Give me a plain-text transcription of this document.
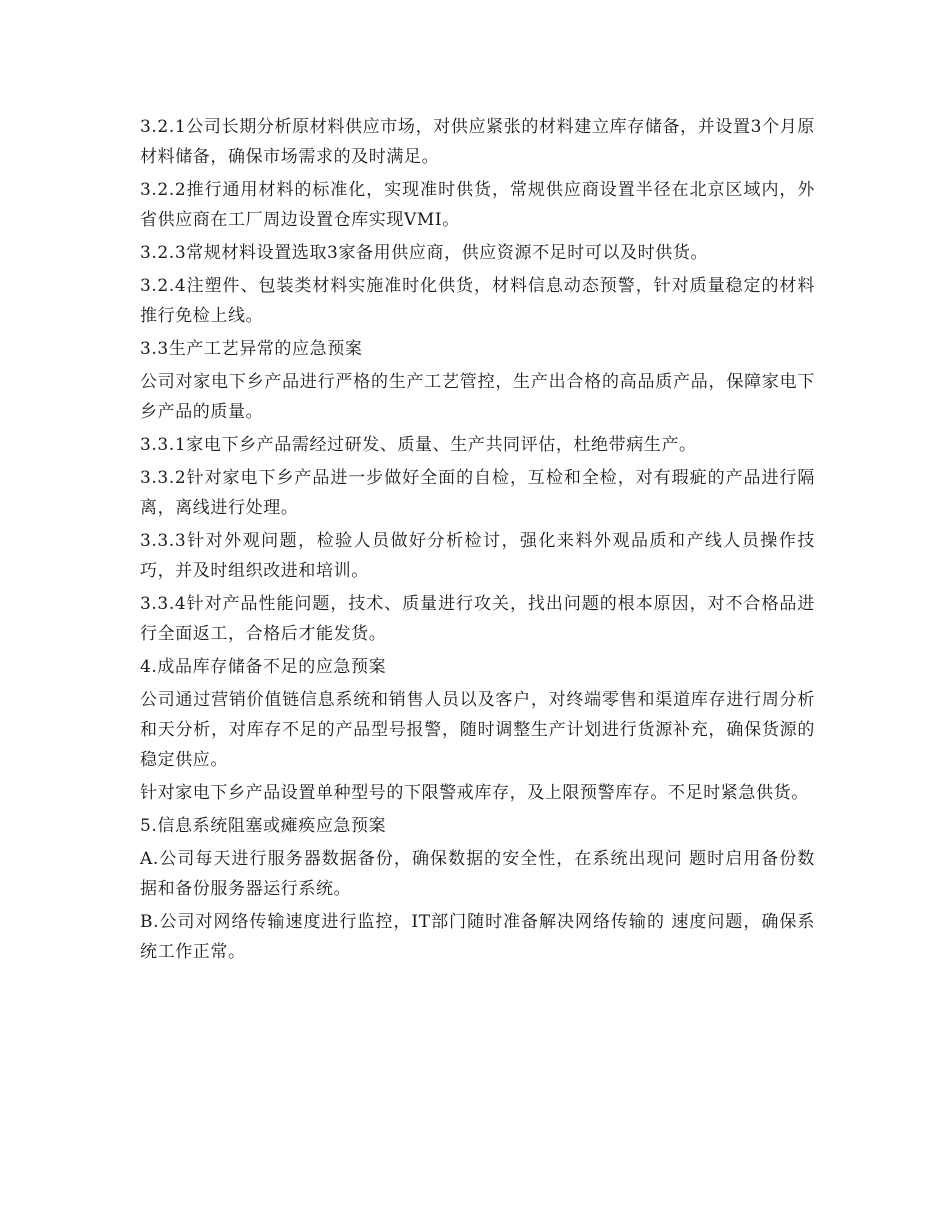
3.2.1公司长期分析原材料供应市场，对供应紧张的材料建立库存储备，并设置3个月原材料储备，确保市场需求的及时满足。

3.2.2推行通用材料的标准化，实现准时供货，常规供应商设置半径在北京区域内，外省供应商在工厂周边设置仓库实现VMI。

3.2.3常规材料设置选取3家备用供应商，供应资源不足时可以及时供货。

3.2.4注塑件、包装类材料实施准时化供货，材料信息动态预警，针对质量稳定的材料推行免检上线。

3.3生产工艺异常的应急预案

公司对家电下乡产品进行严格的生产工艺管控，生产出合格的高品质产品，保障家电下乡产品的质量。

3.3.1家电下乡产品需经过研发、质量、生产共同评估，杜绝带病生产。

3.3.2针对家电下乡产品进一步做好全面的自检，互检和全检，对有瑕疵的产品进行隔离，离线进行处理。

3.3.3针对外观问题，检验人员做好分析检讨，强化来料外观品质和产线人员操作技巧，并及时组织改进和培训。

3.3.4针对产品性能问题，技术、质量进行攻关，找出问题的根本原因，对不合格品进行全面返工，合格后才能发货。

4.成品库存储备不足的应急预案

公司通过营销价值链信息系统和销售人员以及客户，对终端零售和渠道库存进行周分析和天分析，对库存不足的产品型号报警，随时调整生产计划进行货源补充，确保货源的稳定供应。

针对家电下乡产品设置单种型号的下限警戒库存，及上限预警库存。不足时紧急供货。

5.信息系统阻塞或瘫痪应急预案

A.公司每天进行服务器数据备份，确保数据的安全性，在系统出现问 题时启用备份数据和备份服务器运行系统。

B.公司对网络传输速度进行监控，IT部门随时准备解决网络传输的 速度问题，确保系统工作正常。
